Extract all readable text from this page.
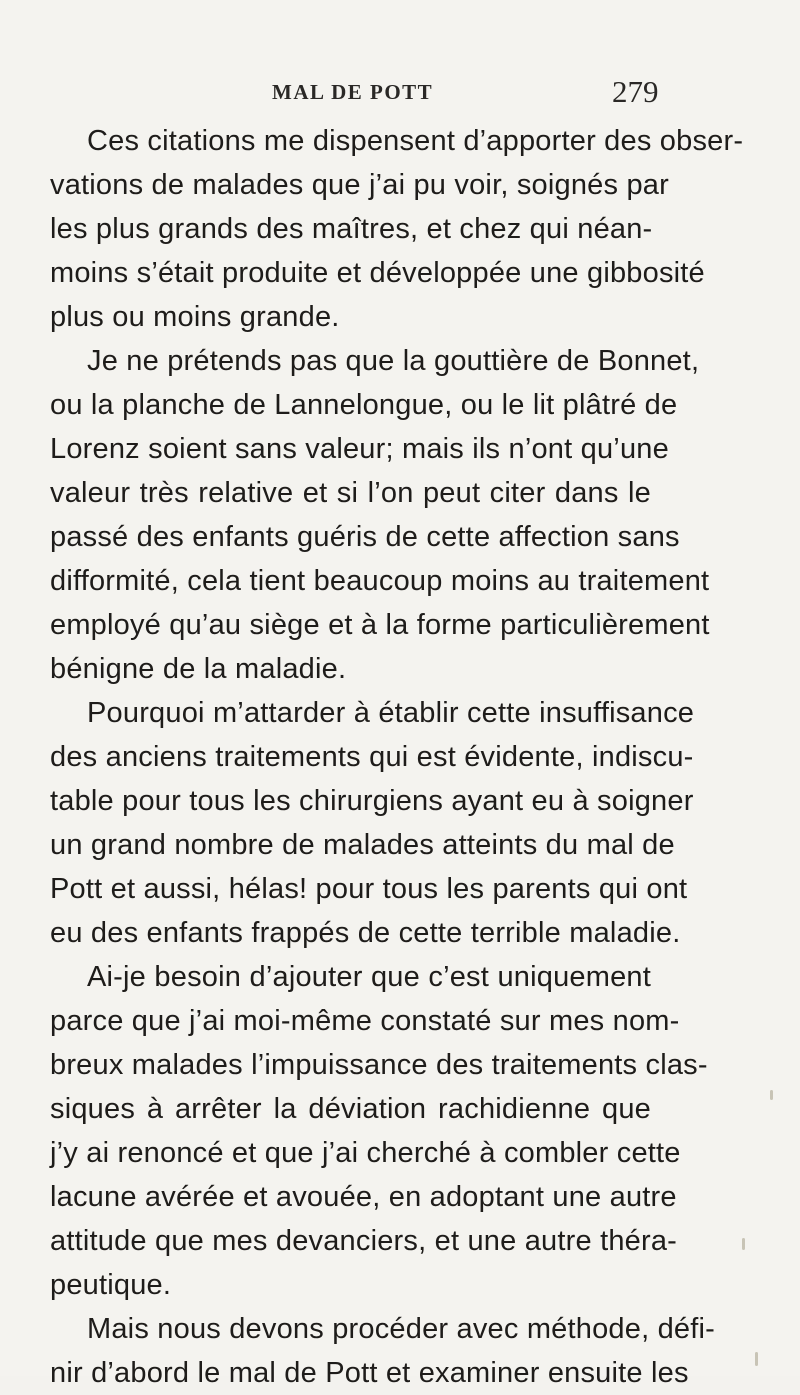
MAL DE POTT	279
Ces citations me dispensent d’apporter des obser-
vations de malades que j’ai pu voir, soignés par
les plus grands des maîtres, et chez qui néan-
moins s’était produite et développée une gibbosité
plus ou moins grande.
Je ne prétends pas que la gouttière de Bonnet,
ou la planche de Lannelongue, ou le lit plâtré de
Lorenz soient sans valeur; mais ils n’ont qu’une
valeur très relative et si l’on peut citer dans le
passé des enfants guéris de cette affection sans
difformité, cela tient beaucoup moins au traitement
employé qu’au siège et à la forme particulièrement
bénigne de la maladie.
Pourquoi m’attarder à établir cette insuffisance
des anciens traitements qui est évidente, indiscu-
table pour tous les chirurgiens ayant eu à soigner
un grand nombre de malades atteints du mal de
Pott et aussi, hélas! pour tous les parents qui ont
eu des enfants frappés de cette terrible maladie.
Ai-je besoin d’ajouter que c’est uniquement
parce que j’ai moi-même constaté sur mes nom-
breux malades l’impuissance des traitements clas-
siques à arrêter la déviation rachidienne que
j’y ai renoncé et que j’ai cherché à combler cette
lacune avérée et avouée, en adoptant une autre
attitude que mes devanciers, et une autre théra-
peutique.
Mais nous devons procéder avec méthode, défi-
nir d’abord le mal de Pott et examiner ensuite les
